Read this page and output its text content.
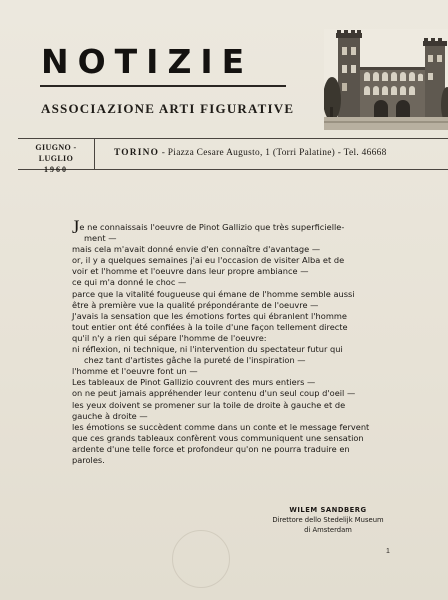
NOTIZIE
ASSOCIAZIONE ARTI FIGURATIVE
GIUGNO - LUGLIO
1960
TORINO - Piazza Cesare Augusto, 1 (Torri Palatine) - Tel. 46668

Je ne connaissais l'oeuvre de Pinot Gallizio que très superficielle-

ment —

mais cela m'avait donné envie d'en connaître d'avantage —

or, il y a quelques semaines j'ai eu l'occasion de visiter Alba et de

voir et l'homme et l'oeuvre dans leur propre ambiance —

ce qui m'a donné le choc —

parce que la vitalité fougueuse qui émane de l'homme semble aussi

être à première vue la qualité prépondérante de l'oeuvre —

J'avais la sensation que les émotions fortes qui ébranlent l'homme

tout entier ont été confiées à la toile d'une façon tellement directe

qu'il n'y a rien qui sépare l'homme de l'oeuvre:

ni réflexion, ni technique, ni l'intervention du spectateur futur qui

chez tant d'artistes gâche la pureté de l'inspiration —

l'homme et l'oeuvre font un —

Les tableaux de Pinot Gallizio couvrent des murs entiers —

on ne peut jamais appréhender leur contenu d'un seul coup d'oeil —

les yeux doivent se promener sur la toile de droite à gauche et de

gauche à droite —

les émotions se succèdent comme dans un conte et le message fervent

que ces grands tableaux confèrent vous communiquent une sensation

ardente d'une telle force et profondeur qu'on ne pourra traduire en

paroles.

WILEM SANDBERG
Direttore dello Stedelijk Museum
di Amsterdam
1
